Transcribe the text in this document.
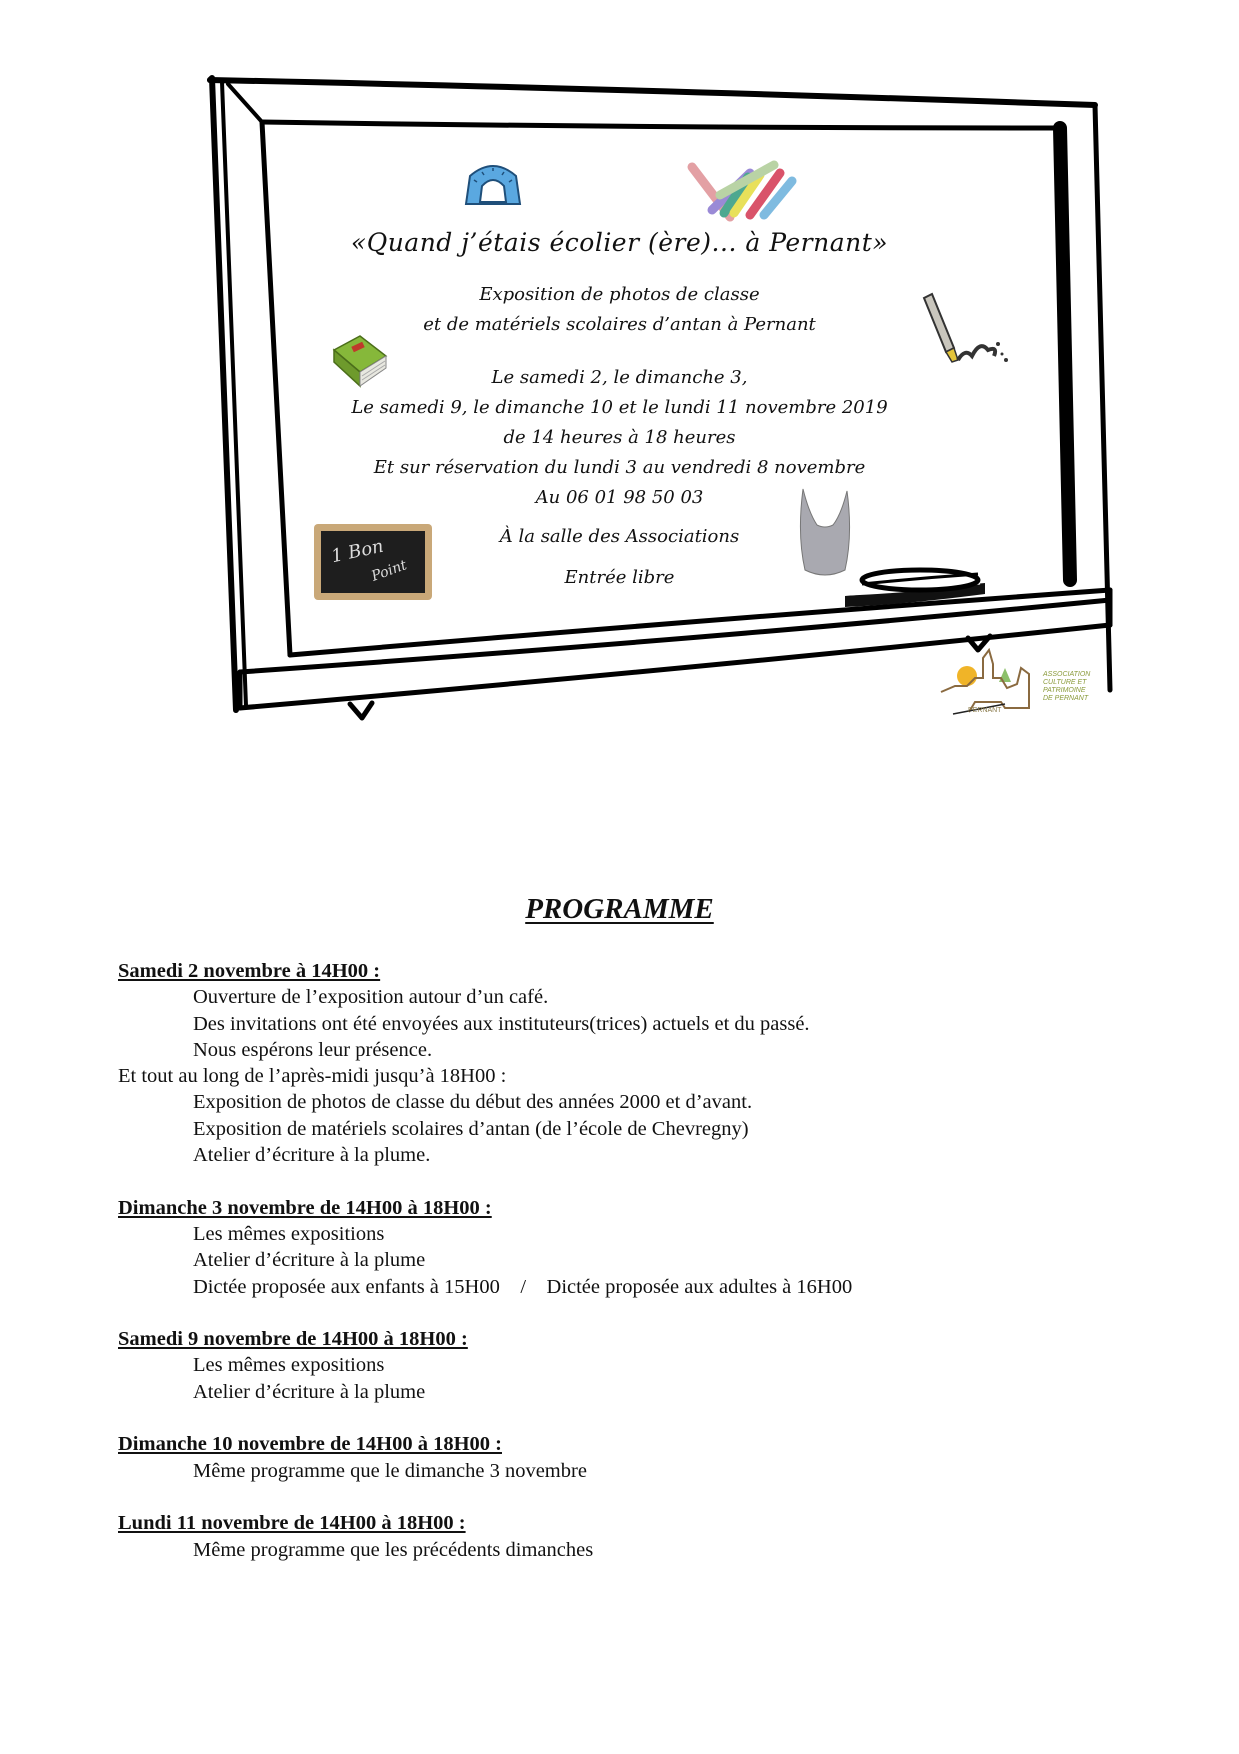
1 Bon
Point
«Quand j’étais écolier (ère)... à Pernant»
Exposition de photos de classe
et de matériels scolaires d’antan à Pernant
Le samedi 2, le dimanche 3,
Le samedi 9, le dimanche 10 et le lundi 11 novembre 2019
de 14 heures à 18 heures
Et sur réservation du lundi 3 au vendredi 8 novembre
Au 06 01 98 50 03
À la salle des Associations
Entrée libre
ASSOCIATION
CULTURE ET
PATRIMOINE
DE PERNANT
PERNANT
PROGRAMME
Samedi 2 novembre à 14H00 :
Ouverture de l’exposition autour d’un café.
Des invitations ont été envoyées aux instituteurs(trices) actuels et du passé.
Nous espérons leur présence.
Et tout au long de l’après-midi jusqu’à 18H00 :
Exposition de photos de classe du début des années 2000 et d’avant.
Exposition de matériels scolaires d’antan (de l’école de Chevregny)
Atelier d’écriture à la plume.
Dimanche 3 novembre de 14H00 à 18H00 :
Les mêmes expositions
Atelier d’écriture à la plume
Dictée proposée aux enfants à 15H00    /    Dictée proposée aux adultes à 16H00
Samedi 9 novembre de 14H00 à 18H00 :
Les mêmes expositions
Atelier d’écriture à la plume
Dimanche 10 novembre de 14H00 à 18H00 :
Même programme que le dimanche 3 novembre
Lundi 11 novembre de 14H00 à 18H00 :
Même programme que les précédents dimanches
